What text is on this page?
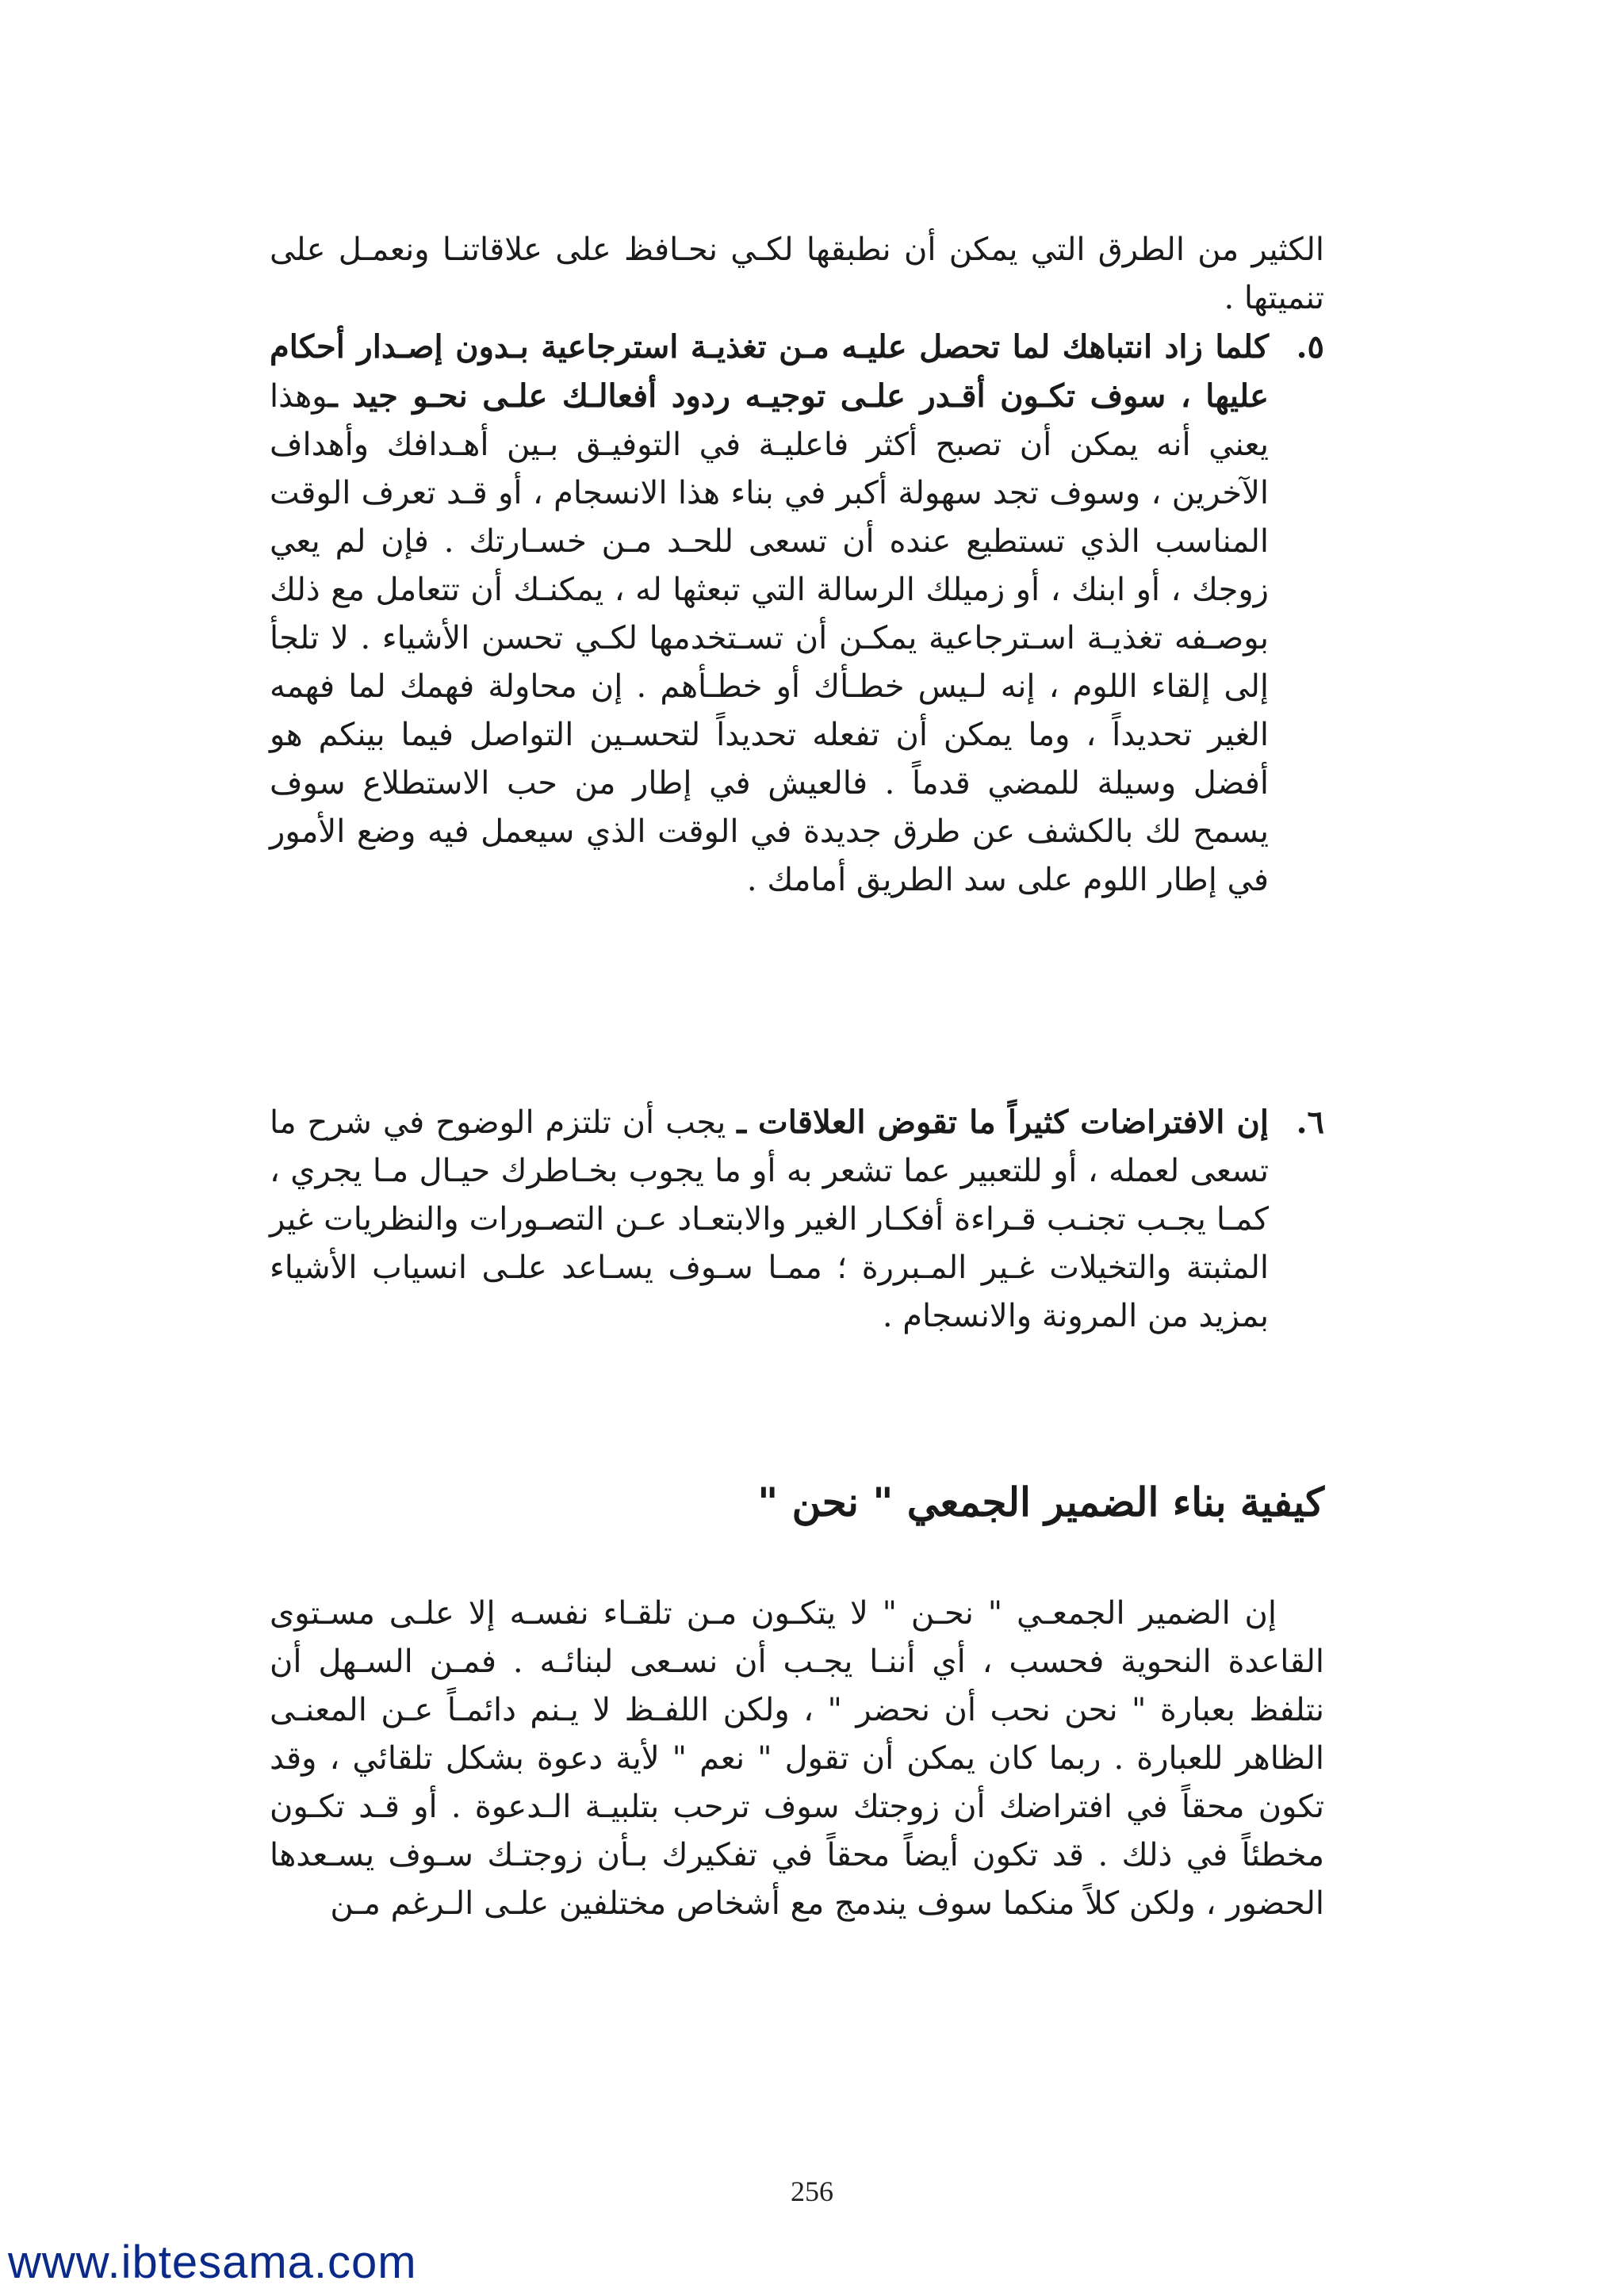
الكثير من الطرق التي يمكن أن نطبقها لكـي نحـافظ على علاقاتنـا ونعمـل على تنميتها .

٥.
كلما زاد انتباهك لما تحصل عليـه مـن تغذيـة استرجاعية بـدون إصـدار أحكام عليها ، سوف تكـون أقـدر علـى توجيـه ردود أفعالـك علـى نحـو جيد ـوهذا يعني أنه يمكن أن تصبح أكثر فاعليـة في التوفيـق بـين أهـدافك وأهداف الآخرين ، وسوف تجد سهولة أكبر في بناء هذا الانسجام ، أو قـد تعرف الوقت المناسب الذي تستطيع عنده أن تسعى للحـد مـن خسـارتك . فإن لم يعي زوجك ، أو ابنك ، أو زميلك الرسالة التي تبعثها له ، يمكنـك أن تتعامل مع ذلك بوصـفه تغذيـة اسـترجاعية يمكـن أن تسـتخدمها لكـي تحسن الأشياء . لا تلجأ إلى إلقاء اللوم ، إنه لـيس خطـأك أو خطـأهم . إن محاولة فهمك لما فهمه الغير تحديداً ، وما يمكن أن تفعله تحديداً لتحسـين التواصل فيما بينكم هو أفضل وسيلة للمضي قدماً . فالعيش في إطار من حب الاستطلاع سوف يسمح لك بالكشف عن طرق جديدة في الوقت الذي سيعمل فيه وضع الأمور في إطار اللوم على سد الطريق أمامك .
٦.
إن الافتراضات كثيراً ما تقوض العلاقات ـ يجب أن تلتزم الوضوح في شرح ما تسعى لعمله ، أو للتعبير عما تشعر به أو ما يجوب بخـاطرك حيـال مـا يجري ، كمـا يجـب تجنـب قـراءة أفكـار الغير والابتعـاد عـن التصـورات والنظريات غير المثبتة والتخيلات غـير المـبررة ؛ ممـا سـوف يسـاعد علـى انسياب الأشياء بمزيد من المرونة والانسجام .
كيفية بناء الضمير الجمعي " نحن "

إن الضمير الجمعـي " نحـن " لا يتكـون مـن تلقـاء نفسـه إلا علـى مسـتوى القاعدة النحوية فحسب ، أي أننـا يجـب أن نسـعى لبنائـه . فمـن السـهل أن نتلفظ بعبارة " نحن نحب أن نحضر " ، ولكن اللفـظ لا يـنم دائمـاً عـن المعنـى الظاهر للعبارة . ربما كان يمكن أن تقول " نعم " لأية دعوة بشكل تلقائي ، وقد تكون محقاً في افتراضك أن زوجتك سوف ترحب بتلبيـة الـدعوة . أو قـد تكـون مخطئاً في ذلك . قد تكون أيضاً محقاً في تفكيرك بـأن زوجتـك سـوف يسـعدها الحضور ، ولكن كلاً منكما سوف يندمج مع أشخاص مختلفين علـى الـرغم مـن

256
www.ibtesama.com
